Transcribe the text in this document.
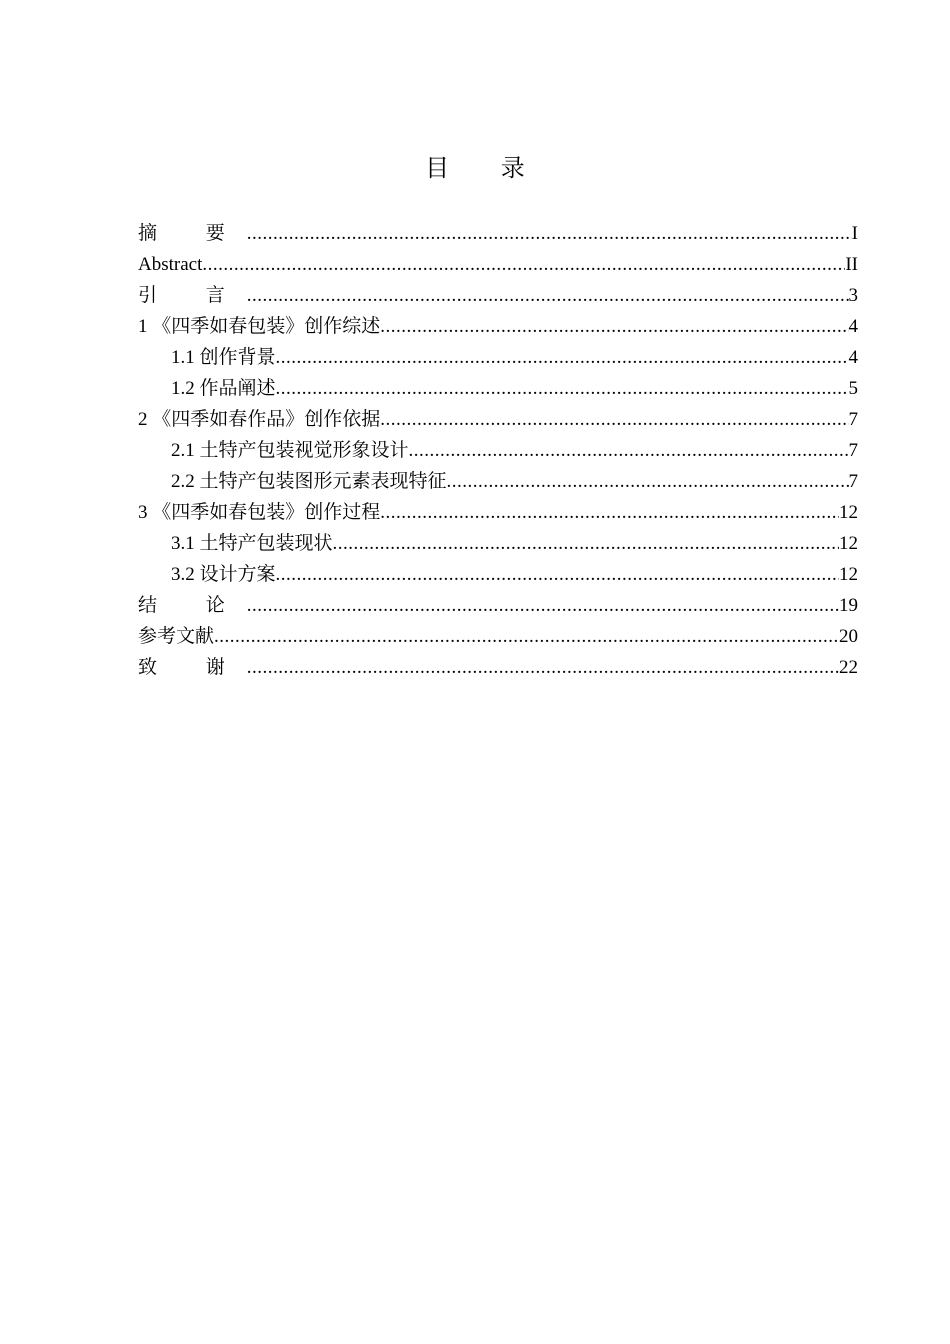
目 录
摘 要 .....	I
Abstract .....	II
引 言 .....	3
1 《四季如春包装》创作综述 .....	4
1.1 创作背景 .....	4
1.2 作品阐述 .....	5
2 《四季如春作品》创作依据 .....	7
2.1 土特产包装视觉形象设计 .....	7
2.2 土特产包装图形元素表现特征 .....	7
3 《四季如春包装》创作过程 .....	12
3.1 土特产包装现状 .....	12
3.2 设计方案 .....	12
结 论 .....	19
参考文献 .....	20
致 谢 .....	22
